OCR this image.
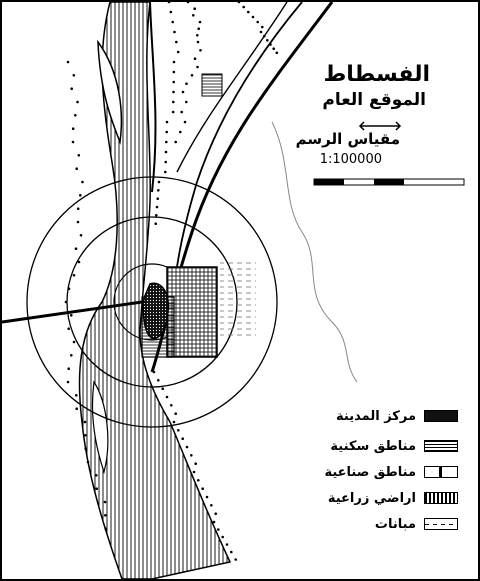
الفسطاط
الموقع العام
مقياس الرسم
1:100000
مركز المدينة
مناطق سكنية
مناطق صناعية
اراضي زراعية
مبانات
